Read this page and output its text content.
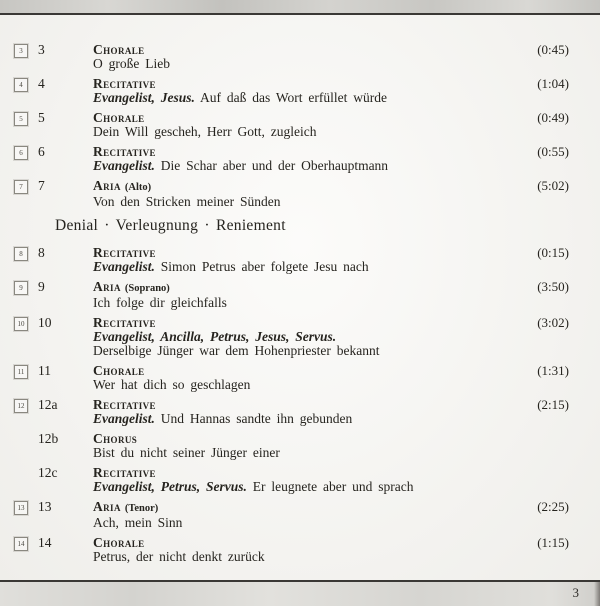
3	3	Chorale
O große Lieb
(0:45)
4	4	Recitative
Evangelist, Jesus. Auf daß das Wort erfüllet würde
(1:04)
5	5	Chorale
Dein Will gescheh, Herr Gott, zugleich
(0:49)
6	6	Recitative
Evangelist. Die Schar aber und der Oberhauptmann
(0:55)
7	7	Aria (Alto)
Von den Stricken meiner Sünden
(5:02)
Denial · Verleugnung · Reniement
8	8	Recitative
Evangelist. Simon Petrus aber folgete Jesu nach
(0:15)
9	9	Aria (Soprano)
Ich folge dir gleichfalls
(3:50)
10 10	Recitative
Evangelist, Ancilla, Petrus, Jesus, Servus.
Derselbige Jünger war dem Hohenpriester bekannt
(3:02)
11 11	Chorale
Wer hat dich so geschlagen
(1:31)
12 12a	Recitative
Evangelist. Und Hannas sandte ihn gebunden
(2:15)
12b	Chorus
Bist du nicht seiner Jünger einer
12c	Recitative
Evangelist, Petrus, Servus. Er leugnete aber und sprach
13 13	Aria (Tenor)
Ach, mein Sinn
(2:25)
14 14	Chorale
Petrus, der nicht denkt zurück
(1:15)
3
